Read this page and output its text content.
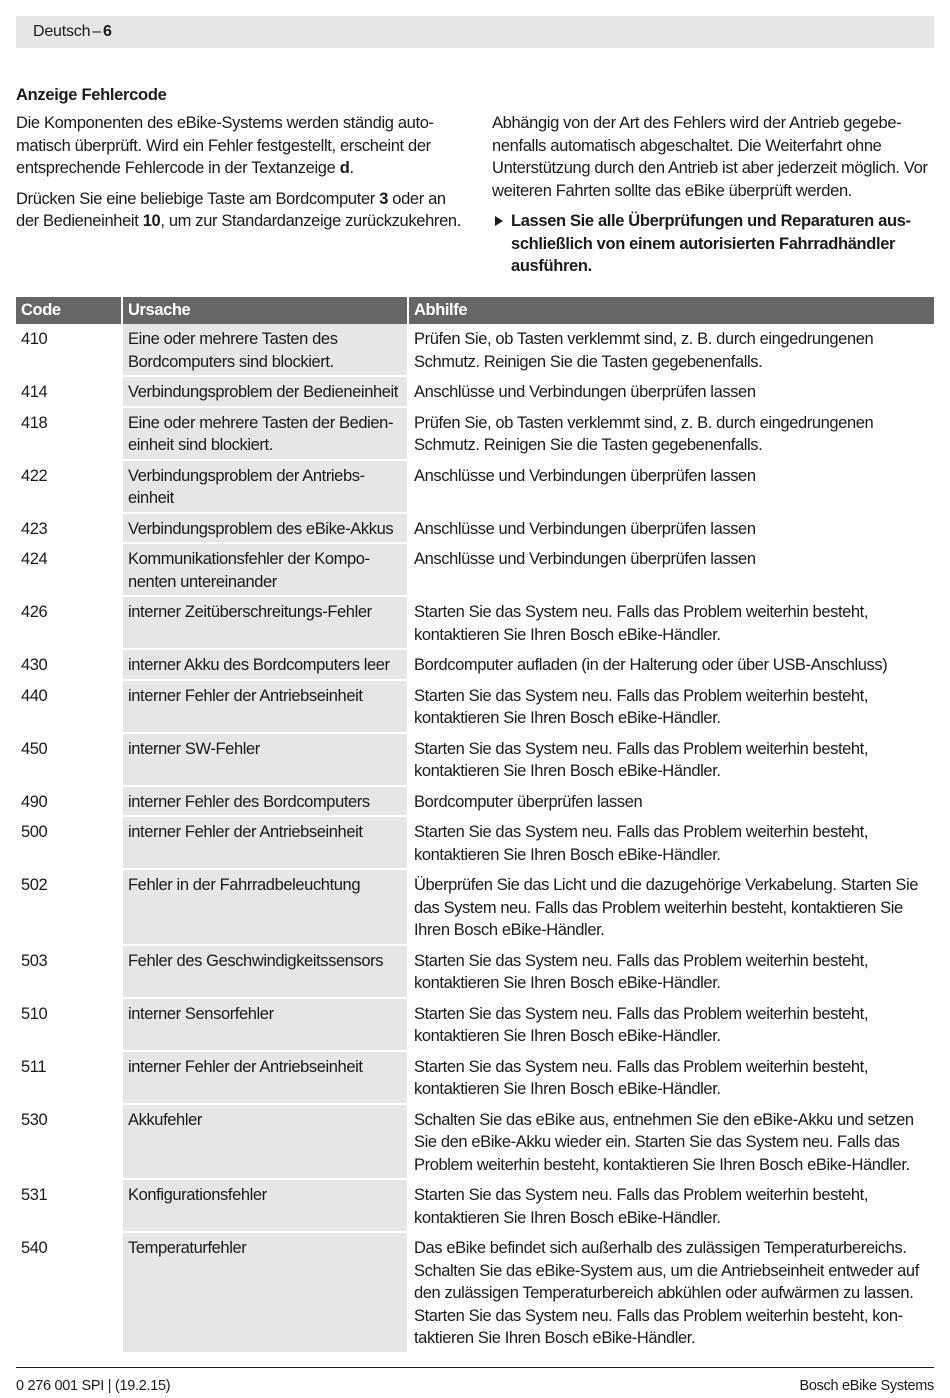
Deutsch – 6
Anzeige Fehlercode

Die Komponenten des eBike-Systems werden ständig automatisch überprüft. Wird ein Fehler festgestellt, erscheint der entsprechende Fehlercode in der Textanzeige d.

Drücken Sie eine beliebige Taste am Bordcomputer 3 oder an der Bedieneinheit 10, um zur Standardanzeige zurückzukehren.

Abhängig von der Art des Fehlers wird der Antrieb gegebenenfalls automatisch abgeschaltet. Die Weiterfahrt ohne Unterstützung durch den Antrieb ist aber jederzeit möglich. Vor weiteren Fahrten sollte das eBike überprüft werden.

Lassen Sie alle Überprüfungen und Reparaturen ausschließlich von einem autorisierten Fahrradhändler ausführen.
Code	Ursache	Abhilfe
410	Eine oder mehrere Tasten des Bordcomputers sind blockiert.	Prüfen Sie, ob Tasten verklemmt sind, z. B. durch eingedrungenen Schmutz. Reinigen Sie die Tasten gegebenenfalls.
414	Verbindungsproblem der Bedieneinheit	Anschlüsse und Verbindungen überprüfen lassen
418	Eine oder mehrere Tasten der Bedieneinheit sind blockiert.	Prüfen Sie, ob Tasten verklemmt sind, z. B. durch eingedrungenen Schmutz. Reinigen Sie die Tasten gegebenenfalls.
422	Verbindungsproblem der Antriebseinheit	Anschlüsse und Verbindungen überprüfen lassen
423	Verbindungsproblem des eBike-Akkus	Anschlüsse und Verbindungen überprüfen lassen
424	Kommunikationsfehler der Komponenten untereinander	Anschlüsse und Verbindungen überprüfen lassen
426	interner Zeitüberschreitungs-Fehler	Starten Sie das System neu. Falls das Problem weiterhin besteht, kontaktieren Sie Ihren Bosch eBike-Händler.
430	interner Akku des Bordcomputers leer	Bordcomputer aufladen (in der Halterung oder über USB-Anschluss)
440	interner Fehler der Antriebseinheit	Starten Sie das System neu. Falls das Problem weiterhin besteht, kontaktieren Sie Ihren Bosch eBike-Händler.
450	interner SW-Fehler	Starten Sie das System neu. Falls das Problem weiterhin besteht, kontaktieren Sie Ihren Bosch eBike-Händler.
490	interner Fehler des Bordcomputers	Bordcomputer überprüfen lassen
500	interner Fehler der Antriebseinheit	Starten Sie das System neu. Falls das Problem weiterhin besteht, kontaktieren Sie Ihren Bosch eBike-Händler.
502	Fehler in der Fahrradbeleuchtung	Überprüfen Sie das Licht und die dazugehörige Verkabelung. Starten Sie das System neu. Falls das Problem weiterhin besteht, kontaktieren Sie Ihren Bosch eBike-Händler.
503	Fehler des Geschwindigkeitssensors	Starten Sie das System neu. Falls das Problem weiterhin besteht, kontaktieren Sie Ihren Bosch eBike-Händler.
510	interner Sensorfehler	Starten Sie das System neu. Falls das Problem weiterhin besteht, kontaktieren Sie Ihren Bosch eBike-Händler.
511	interner Fehler der Antriebseinheit	Starten Sie das System neu. Falls das Problem weiterhin besteht, kontaktieren Sie Ihren Bosch eBike-Händler.
530	Akkufehler	Schalten Sie das eBike aus, entnehmen Sie den eBike-Akku und setzen Sie den eBike-Akku wieder ein. Starten Sie das System neu. Falls das Problem weiterhin besteht, kontaktieren Sie Ihren Bosch eBike-Händler.
531	Konfigurationsfehler	Starten Sie das System neu. Falls das Problem weiterhin besteht, kontaktieren Sie Ihren Bosch eBike-Händler.
540	Temperaturfehler	Das eBike befindet sich außerhalb des zulässigen Temperaturbereichs. Schalten Sie das eBike-System aus, um die Antriebseinheit entweder auf den zulässigen Temperaturbereich abkühlen oder aufwärmen zu lassen. Starten Sie das System neu. Falls das Problem weiterhin besteht, kontaktieren Sie Ihren Bosch eBike-Händler.
0 276 001 SPI | (19.2.15)	Bosch eBike Systems
